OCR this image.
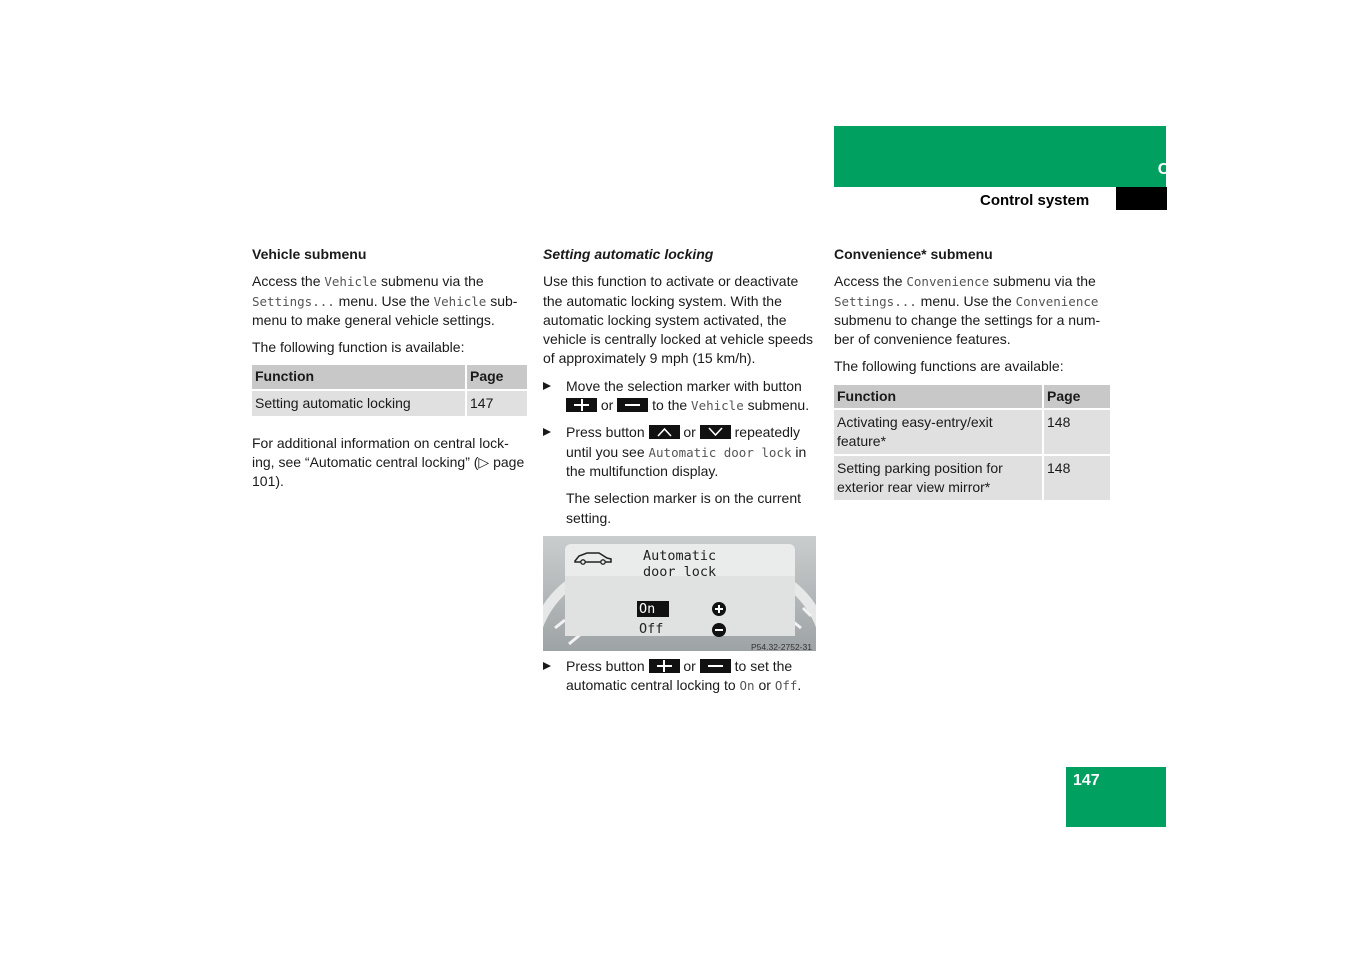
Controls in detail
Control system
Vehicle submenu

Access the Vehicle submenu via the Settings... menu. Use the Vehicle sub-menu to make general vehicle settings.

The following function is available:

Function	Page
Setting automatic locking	147

For additional information on central lock-ing, see “Automatic central locking” (▷ page 101).

Setting automatic locking

Use this function to activate or deactivate the automatic locking system. With the automatic locking system activated, the vehicle is centrally locked at vehicle speeds of approximately 9 mph (15 km/h).

Move the selection marker with button  or  to the Vehicle submenu.
Press button
or
repeatedly until you see Automatic door lock in the multifunction display.

The selection marker is on the current setting.

Automatic
door lock
On
Off
P54.32-2752-31
Press button  or  to set the automatic central locking to On or Off.
Convenience* submenu

Access the Convenience submenu via the Settings... menu. Use the Convenience submenu to change the settings for a num-ber of convenience features.

The following functions are available:

Function	Page
Activating easy-entry/exit feature*	148
Setting parking position for exterior rear view mirror*	148
147
